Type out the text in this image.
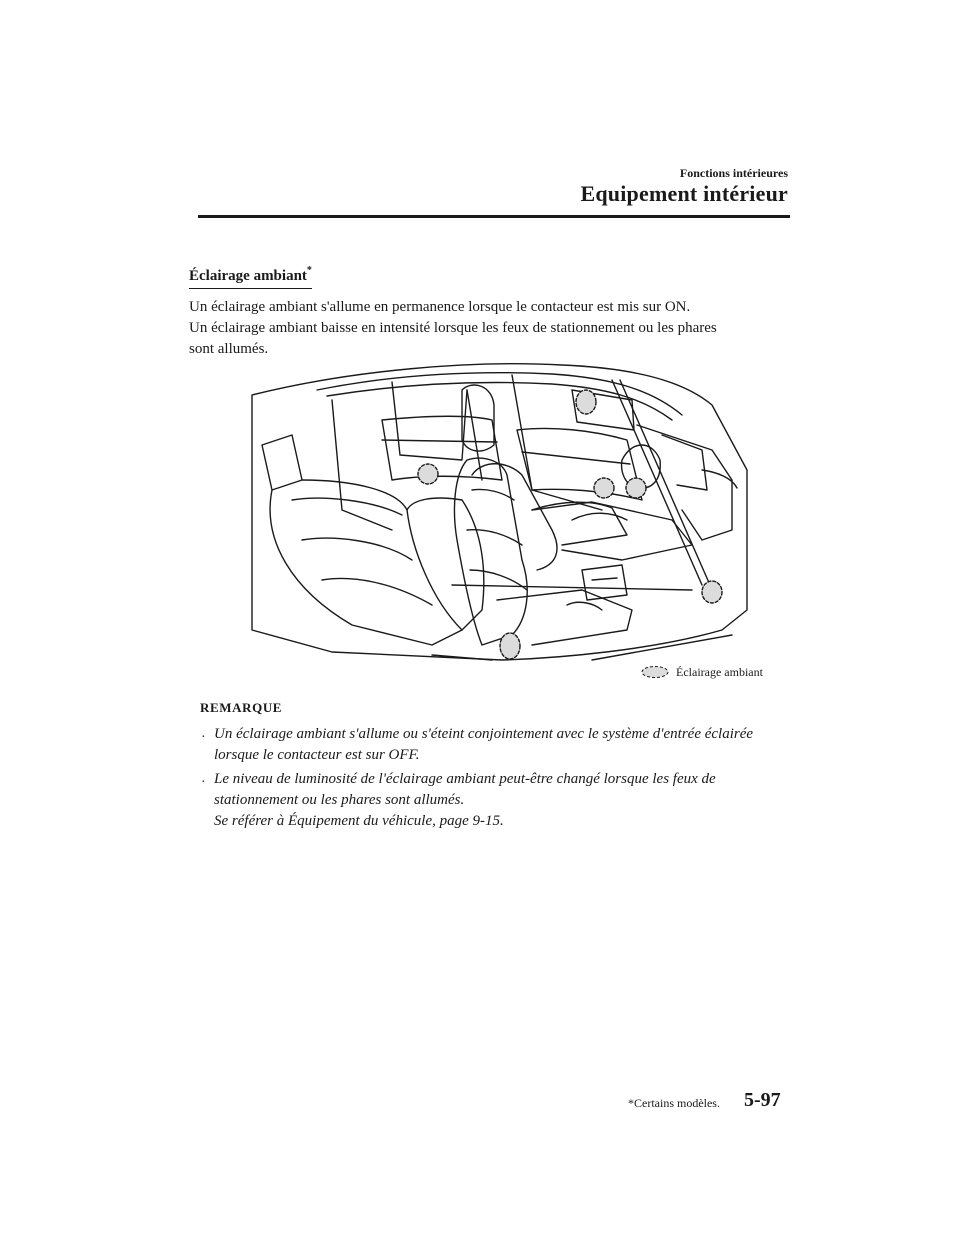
Fonctions intérieures
Equipement intérieur
Éclairage ambiant*
Un éclairage ambiant s'allume en permanence lorsque le contacteur est mis sur ON.
Un éclairage ambiant baisse en intensité lorsque les feux de stationnement ou les phares
sont allumés.
Éclairage ambiant
REMARQUE
· Un éclairage ambiant s'allume ou s'éteint conjointement avec le système d'entrée éclairée
lorsque le contacteur est sur OFF.
· Le niveau de luminosité de l'éclairage ambiant peut-être changé lorsque les feux de
stationnement ou les phares sont allumés.
Se référer à Équipement du véhicule, page 9-15.
*Certains modèles. 5-97
